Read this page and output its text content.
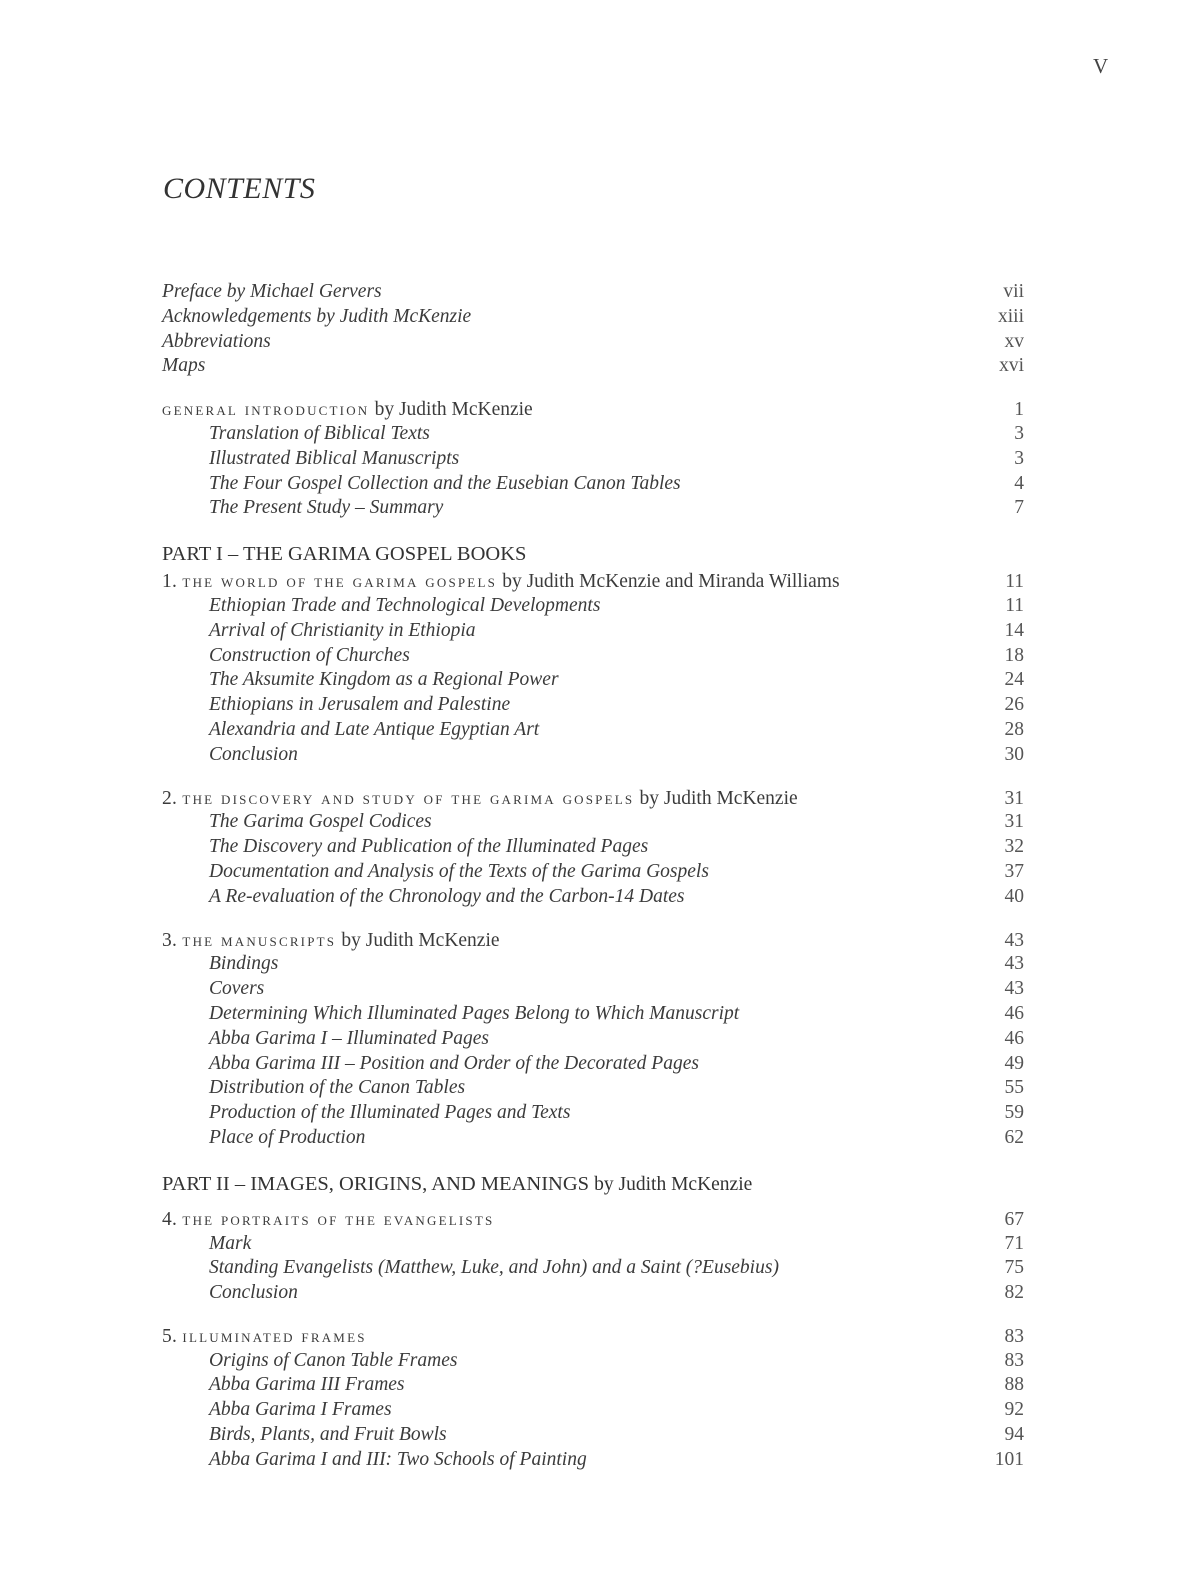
V
CONTENTS
Preface by Michael Gervers	vii
Acknowledgements by Judith McKenzie	xiii
Abbreviations	xv
Maps	xvi
general introduction by Judith McKenzie	1
Translation of Biblical Texts	3
Illustrated Biblical Manuscripts	3
The Four Gospel Collection and the Eusebian Canon Tables	4
The Present Study – Summary	7
PART I – THE GARIMA GOSPEL BOOKS
1. the world of the garima gospels by Judith McKenzie and Miranda Williams	11
Ethiopian Trade and Technological Developments	11
Arrival of Christianity in Ethiopia	14
Construction of Churches	18
The Aksumite Kingdom as a Regional Power	24
Ethiopians in Jerusalem and Palestine	26
Alexandria and Late Antique Egyptian Art	28
Conclusion	30
2. the discovery and study of the garima gospels by Judith McKenzie	31
The Garima Gospel Codices	31
The Discovery and Publication of the Illuminated Pages	32
Documentation and Analysis of the Texts of the Garima Gospels	37
A Re-evaluation of the Chronology and the Carbon-14 Dates	40
3. the manuscripts by Judith McKenzie	43
Bindings	43
Covers	43
Determining Which Illuminated Pages Belong to Which Manuscript	46
Abba Garima I – Illuminated Pages	46
Abba Garima III – Position and Order of the Decorated Pages	49
Distribution of the Canon Tables	55
Production of the Illuminated Pages and Texts	59
Place of Production	62
PART II – IMAGES, ORIGINS, AND MEANINGS by Judith McKenzie
4. the portraits of the evangelists	67
Mark	71
Standing Evangelists (Matthew, Luke, and John) and a Saint (?Eusebius)	75
Conclusion	82
5. illuminated frames	83
Origins of Canon Table Frames	83
Abba Garima III Frames	88
Abba Garima I Frames	92
Birds, Plants, and Fruit Bowls	94
Abba Garima I and III: Two Schools of Painting	101
